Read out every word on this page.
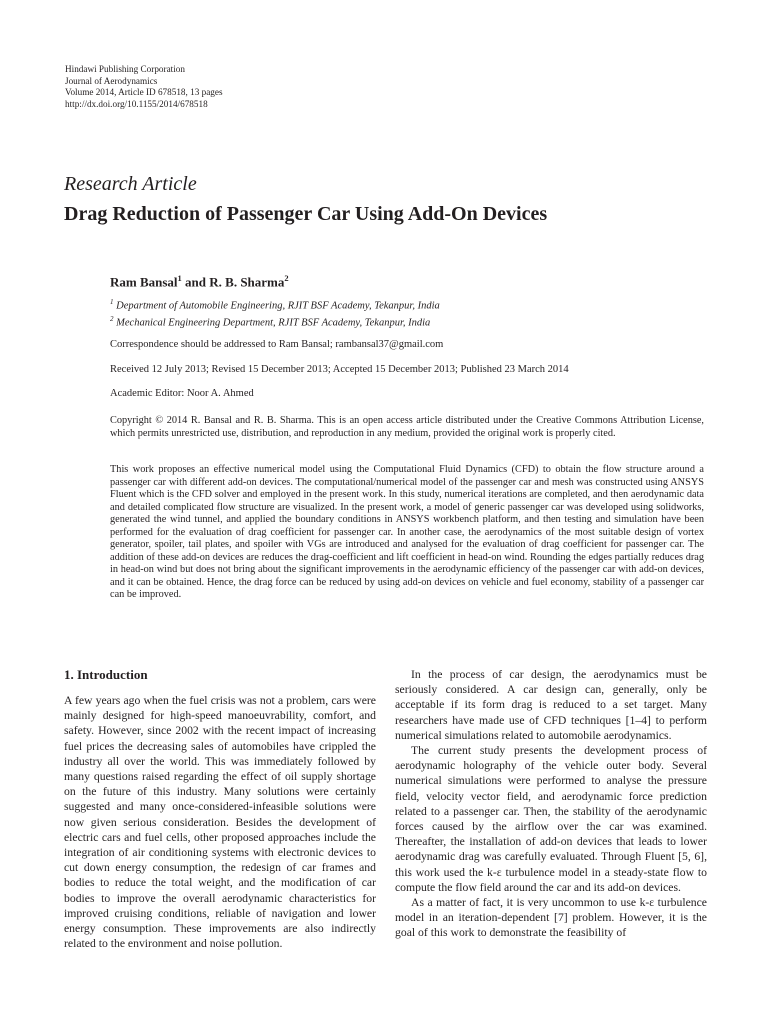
Hindawi Publishing Corporation
Journal of Aerodynamics
Volume 2014, Article ID 678518, 13 pages
http://dx.doi.org/10.1155/2014/678518
Research Article
Drag Reduction of Passenger Car Using Add-On Devices
Ram Bansal$^1$ and R. B. Sharma$^2$
$^1$ Department of Automobile Engineering, RJIT BSF Academy, Tekanpur, India
$^2$ Mechanical Engineering Department, RJIT BSF Academy, Tekanpur, India
Correspondence should be addressed to Ram Bansal; rambansal37@gmail.com
Received 12 July 2013; Revised 15 December 2013; Accepted 15 December 2013; Published 23 March 2014
Academic Editor: Noor A. Ahmed
Copyright © 2014 R. Bansal and R. B. Sharma. This is an open access article distributed under the Creative Commons Attribution License, which permits unrestricted use, distribution, and reproduction in any medium, provided the original work is properly cited.
This work proposes an effective numerical model using the Computational Fluid Dynamics (CFD) to obtain the flow structure around a passenger car with different add-on devices. The computational/numerical model of the passenger car and mesh was constructed using ANSYS Fluent which is the CFD solver and employed in the present work. In this study, numerical iterations are completed, and then aerodynamic data and detailed complicated flow structure are visualized. In the present work, a model of generic passenger car was developed using solidworks, generated the wind tunnel, and applied the boundary conditions in ANSYS workbench platform, and then testing and simulation have been performed for the evaluation of drag coefficient for passenger car. In another case, the aerodynamics of the most suitable design of vortex generator, spoiler, tail plates, and spoiler with VGs are introduced and analysed for the evaluation of drag coefficient for passenger car. The addition of these add-on devices are reduces the drag-coefficient and lift coefficient in head-on wind. Rounding the edges partially reduces drag in head-on wind but does not bring about the significant improvements in the aerodynamic efficiency of the passenger car with add-on devices, and it can be obtained. Hence, the drag force can be reduced by using add-on devices on vehicle and fuel economy, stability of a passenger car can be improved.
1. Introduction

A few years ago when the fuel crisis was not a problem, cars were mainly designed for high-speed manoeuvrability, comfort, and safety. However, since 2002 with the recent impact of increasing fuel prices the decreasing sales of automobiles have crippled the industry all over the world. This was immediately followed by many questions raised regarding the effect of oil supply shortage on the future of this industry. Many solutions were certainly suggested and many once-considered-infeasible solutions were now given serious consideration. Besides the development of electric cars and fuel cells, other proposed approaches include the integration of air conditioning systems with electronic devices to cut down energy consumption, the redesign of car frames and bodies to reduce the total weight, and the modification of car bodies to improve the overall aerodynamic characteristics for improved cruising conditions, reliable of navigation and lower energy consumption. These improvements are also indirectly related to the environment and noise pollution.

In the process of car design, the aerodynamics must be seriously considered. A car design can, generally, only be acceptable if its form drag is reduced to a set target. Many researchers have made use of CFD techniques [1–4] to perform numerical simulations related to automobile aerodynamics.

The current study presents the development process of aerodynamic holography of the vehicle outer body. Several numerical simulations were performed to analyse the pressure field, velocity vector field, and aerodynamic force prediction related to a passenger car. Then, the stability of the aerodynamic forces caused by the airflow over the car was examined. Thereafter, the installation of add-on devices that leads to lower aerodynamic drag was carefully evaluated. Through Fluent [5, 6], this work used the k-ε turbulence model in a steady-state flow to compute the flow field around the car and its add-on devices.

As a matter of fact, it is very uncommon to use k-ε turbulence model in an iteration-dependent [7] problem. However, it is the goal of this work to demonstrate the feasibility of
